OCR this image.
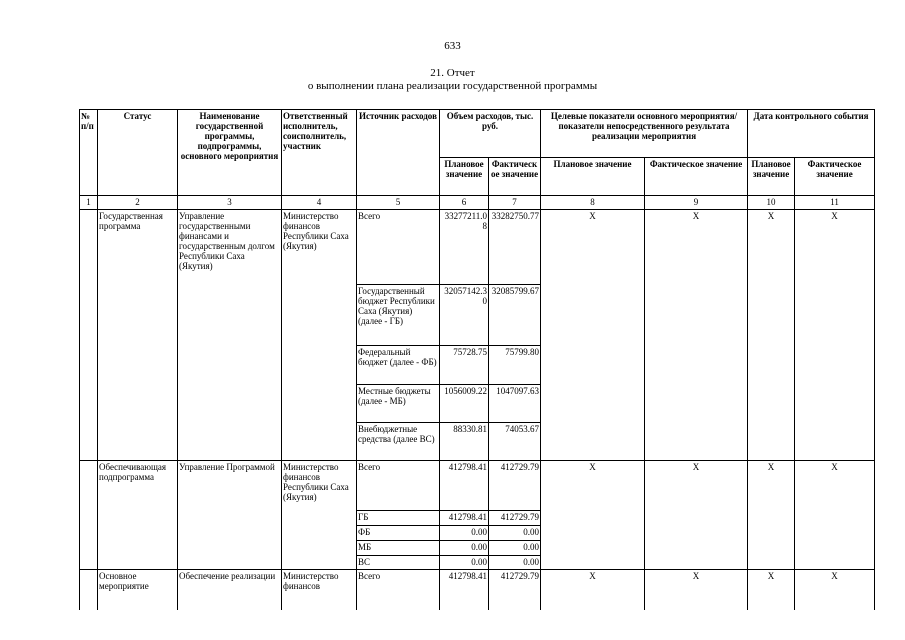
633
21. Отчет
о выполнении плана реализации государственной программы
№ п/п	Статус	Наименование государственной программы, подпрограммы, основного мероприятия	Ответственный исполнитель, соисполнитель, участник	Источник расходов	Объем расходов, тыс. руб.		Целевые показатели основного мероприятия/показатели непосредственного результата реализации мероприятия		Дата контрольного события	
					Плановое значение	Фактическое значение	Плановое значение	Фактическое значение	Плановое значение	Фактическое значение
1	2	3	4	5	6	7	8	9	10	11
	Государственная программа	Управление государственными финансами и государственным долгом Республики Саха (Якутия)	Министерство финансов Республики Саха (Якутия)	Всего	33277211.08	33282750.77	X	X	X	X
				Государственный бюджет Республики Саха (Якутия) (далее - ГБ)	32057142.30	32085799.67				
				Федеральный бюджет (далее - ФБ)	75728.75	75799.80				
				Местные бюджеты (далее - МБ)	1056009.22	1047097.63				
				Внебюджетные средства (далее ВС)	88330.81	74053.67				
	Обеспечивающая подпрограмма	Управление Программой	Министерство финансов Республики Саха (Якутия)	Всего	412798.41	412729.79	X	X	X	X
				ГБ	412798.41	412729.79				
				ФБ	0.00	0.00				
				МБ	0.00	0.00				
				ВС	0.00	0.00				
	Основное мероприятие	Обеспечение реализации	Министерство финансов	Всего	412798.41	412729.79	X	X	X	X
